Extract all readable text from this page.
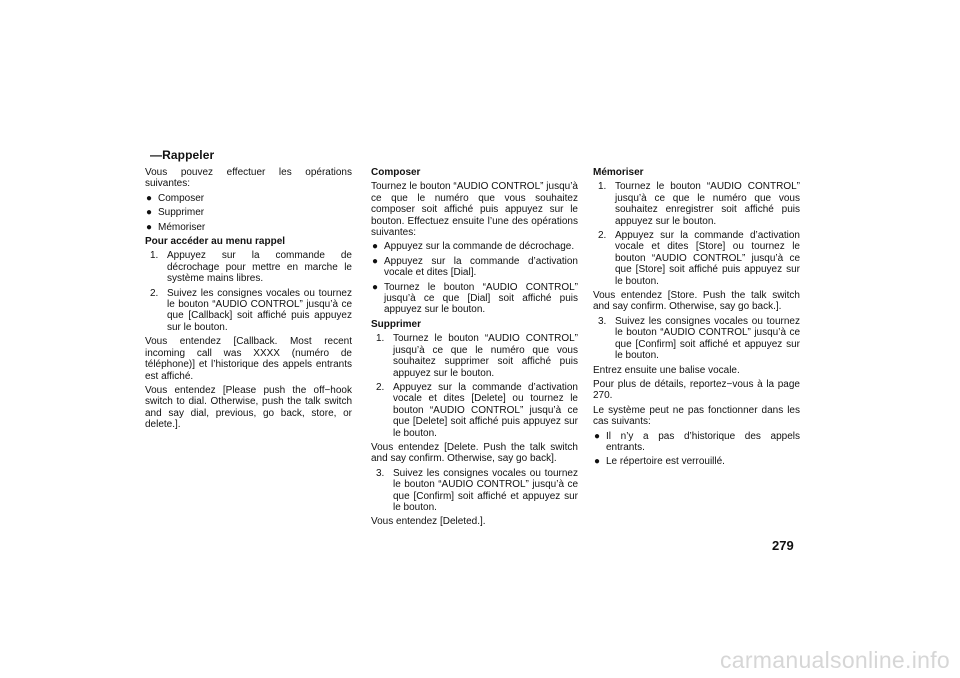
—Rappeler

Vous pouvez effectuer les opérations suivantes:

● Composer
● Supprimer
● Mémoriser
Pour accéder au menu rappel
1. Appuyez sur la commande de décrochage pour mettre en marche le système mains libres.
2. Suivez les consignes vocales ou tournez le bouton “AUDIO CONTROL” jusqu’à ce que [Callback] soit affiché puis appuyez sur le bouton.

Vous entendez [Callback. Most recent incoming call was XXXX (numéro de téléphone)] et l’historique des appels entrants est affiché.

Vous entendez [Please push the off−hook switch to dial. Otherwise, push the talk switch and say dial, previous, go back, store, or delete.].

Composer

Tournez le bouton “AUDIO CONTROL” jusqu’à ce que le numéro que vous souhaitez composer soit affiché puis appuyez sur le bouton. Effectuez ensuite l’une des opérations suivantes:

● Appuyez sur la commande de décrochage.
● Appuyez sur la commande d’activation vocale et dites [Dial].
● Tournez le bouton “AUDIO CONTROL” jusqu’à ce que [Dial] soit affiché puis appuyez sur le bouton.
Supprimer
1. Tournez le bouton “AUDIO CONTROL” jusqu’à ce que le numéro que vous souhaitez supprimer soit affiché puis appuyez sur le bouton.
2. Appuyez sur la commande d’activation vocale et dites [Delete] ou tournez le bouton “AUDIO CONTROL” jusqu’à ce que [Delete] soit affiché puis appuyez sur le bouton.

Vous entendez [Delete. Push the talk switch and say confirm. Otherwise, say go back].

3. Suivez les consignes vocales ou tournez le bouton “AUDIO CONTROL” jusqu’à ce que [Confirm] soit affiché et appuyez sur le bouton.

Vous entendez [Deleted.].

Mémoriser
1. Tournez le bouton “AUDIO CONTROL” jusqu’à ce que le numéro que vous souhaitez enregistrer soit affiché puis appuyez sur le bouton.
2. Appuyez sur la commande d’activation vocale et dites [Store] ou tournez le bouton “AUDIO CONTROL” jusqu’à ce que [Store] soit affiché puis appuyez sur le bouton.

Vous entendez [Store. Push the talk switch and say confirm. Otherwise, say go back.].

3. Suivez les consignes vocales ou tournez le bouton “AUDIO CONTROL” jusqu’à ce que [Confirm] soit affiché et appuyez sur le bouton.

Entrez ensuite une balise vocale.

Pour plus de détails, reportez−vous à la page 270.

Le système peut ne pas fonctionner dans les cas suivants:

● Il n’y a pas d’historique des appels entrants.
● Le répertoire est verrouillé.
279
carmanualsonline.info
